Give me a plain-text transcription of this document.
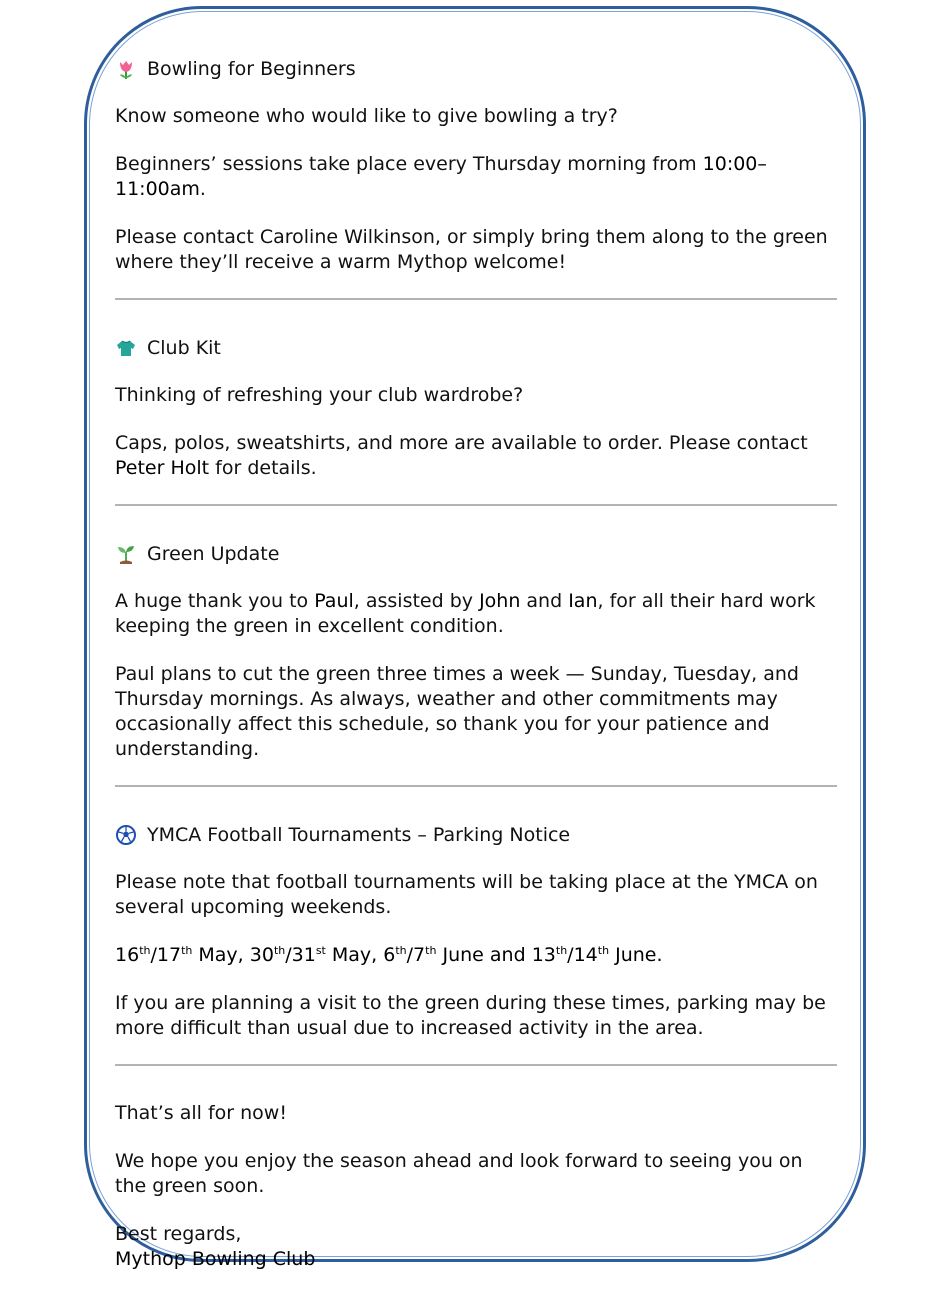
Bowling for Beginners
Know someone who would like to give bowling a try?
Beginners’ sessions take place every Thursday morning from 10:00–11:00am.
Please contact Caroline Wilkinson, or simply bring them along to the green where they’ll receive a warm Mythop welcome!
Club Kit
Thinking of refreshing your club wardrobe?
Caps, polos, sweatshirts, and more are available to order. Please contact Peter Holt for details.
Green Update
A huge thank you to Paul, assisted by John and Ian, for all their hard work keeping the green in excellent condition.
Paul plans to cut the green three times a week — Sunday, Tuesday, and Thursday mornings. As always, weather and other commitments may occasionally affect this schedule, so thank you for your patience and understanding.
YMCA Football Tournaments – Parking Notice
Please note that football tournaments will be taking place at the YMCA on several upcoming weekends.
16th/17th May, 30th/31st May, 6th/7th June and 13th/14th June.
If you are planning a visit to the green during these times, parking may be more difficult than usual due to increased activity in the area.
That’s all for now!
We hope you enjoy the season ahead and look forward to seeing you on the green soon.
Best regards,
Mythop Bowling Club
